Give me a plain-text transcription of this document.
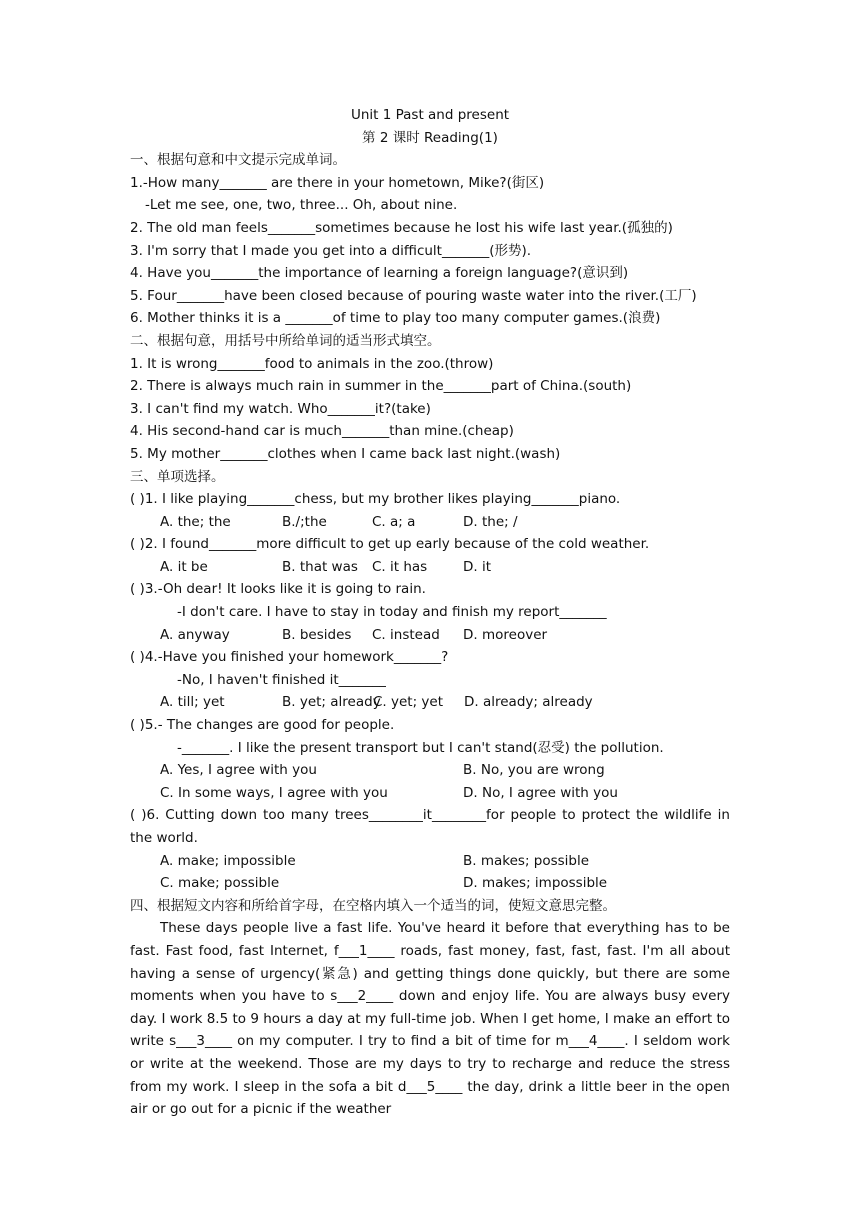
Unit 1 Past and present
第 2 课时 Reading(1)
一、根据句意和中文提示完成单词。
1.-How many_______ are there in your hometown, Mike?(街区)
-Let me see, one, two, three... Oh, about nine.
2. The old man feels_______sometimes because he lost his wife last year.(孤独的)
3. I'm sorry that I made you get into a difficult_______(形势).
4. Have you_______the importance of learning a foreign language?(意识到)
5. Four_______have been closed because of pouring waste water into the river.(工厂)
6. Mother thinks it is a _______of time to play too many computer games.(浪费)
二、根据句意，用括号中所给单词的适当形式填空。
1. It is wrong_______food to animals in the zoo.(throw)
2. There is always much rain in summer in the_______part of China.(south)
3. I can't find my watch. Who_______it?(take)
4. His second-hand car is much_______than mine.(cheap)
5. My mother_______clothes when I came back last night.(wash)
三、单项选择。
( )1. I like playing_______chess, but my brother likes playing_______piano.
A. the; the	B./;the	C. a; a	D. the; /
( )2. I found_______more difficult to get up early because of the cold weather.
A. it be	B. that was	C. it has	D. it
( )3.-Oh dear! It looks like it is going to rain.
-I don't care. I have to stay in today and finish my report_______
A. anyway	B. besides	C. instead	D. moreover
( )4.-Have you finished your homework_______?
-No, I haven't finished it_______
A. till; yet	B. yet; already
C. yet; yet	D. already; already
( )5.- The changes are good for people.
-_______. I like the present transport but I can't stand(忍受) the pollution.
A. Yes, I agree with you	B. No, you are wrong
C. In some ways, I agree with you	D. No, I agree with you
( )6. Cutting down too many trees________it________for people to protect the wildlife in the world.
A. make; impossible	B. makes; possible
C. make; possible	D. makes; impossible
四、根据短文内容和所给首字母，在空格内填入一个适当的词，使短文意思完整。
These days people live a fast life. You've heard it before that everything has to be fast. Fast food, fast Internet, f___1____ roads, fast money, fast, fast, fast. I'm all about having a sense of urgency(紧急) and getting things done quickly, but there are some moments when you have to s___2____ down and enjoy life. You are always busy every day. I work 8.5 to 9 hours a day at my full-time job. When I get home, I make an effort to write s___3____ on my computer. I try to find a bit of time for m___4____. I seldom work or write at the weekend. Those are my days to try to recharge and reduce the stress from my work. I sleep in the sofa a bit d___5____ the day, drink a little beer in the open air or go out for a picnic if the weather
